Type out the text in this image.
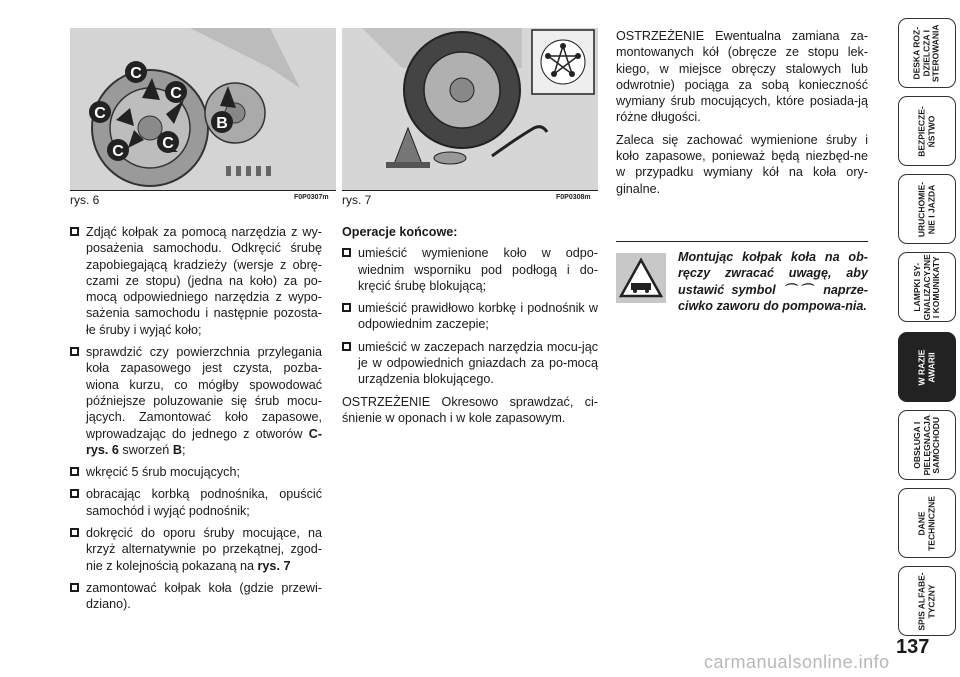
C
C
C
C C
B
rys. 6	F0P0307m rys. 7	F0P0308m
Zdjąć kołpak za pomocą narzędzia z wy-posażenia samochodu. Odkręcić śrubę zapobiegającą kradzieży (wersje z obrę-czami ze stopu) (jedna na koło) za po-mocą odpowiedniego narzędzia z wypo-sażenia samochodu i następnie pozosta-łe śruby i wyjąć koło;
sprawdzić czy powierzchnia przylegania koła zapasowego jest czysta, pozba-wiona kurzu, co mógłby spowodować późniejsze poluzowanie się śrub mocu-jących. Zamontować koło zapasowe, wprowadzając do jednego z otworów C-rys. 6 sworzeń B;
wkręcić 5 śrub mocujących;
obracając korbką podnośnika, opuścić samochód i wyjąć podnośnik;
dokręcić do oporu śruby mocujące, na krzyż alternatywnie po przekątnej, zgod-nie z kolejnością pokazaną na rys. 7
zamontować kołpak koła (gdzie przewi-dziano).
Operacje końcowe:
umieścić wymienione koło w odpo-wiednim wsporniku pod podłogą i do-kręcić śrubę blokującą;
umieścić prawidłowo korbkę i podnośnik w odpowiednim zaczepie;
umieścić w zaczepach narzędzia mocu-jąc je w odpowiednich gniazdach za po-mocą urządzenia blokującego.

OSTRZEŻENIE Okresowo sprawdzać, ci-śnienie w oponach i w kole zapasowym.

OSTRZEŻENIE Ewentualna zamiana za-montowanych kół (obręcze ze stopu lek-kiego, w miejsce obręczy stalowych lub odwrotnie) pociąga za sobą konieczność wymiany śrub mocujących, które posiada-ją różne długości.

Zaleca się zachować wymienione śruby i koło zapasowe, ponieważ będą niezbęd-ne w przypadku wymiany kół na koła ory-ginalne.

Montując kołpak koła na ob-ręczy zwracać uwagę, aby ustawić symbol ⌒⌒ naprze-ciwko zaworu do pompowa-nia.
DESKA ROZ-
DZIELCZA I
STEROWANIA
BEZPIECZE-
ŃSTWO
URUCHOMIE-
NIE I JAZDA
LAMPKI SY-
GNALIZACYJNE
I KOMUNIKATY
W RAZIE
AWARII
OBSŁUGA I
PIELĘGNACJA
SAMOCHODU
DANE
TECHNICZNE
SPIS ALFABE-
TYCZNY
137
carmanualsonline.info
